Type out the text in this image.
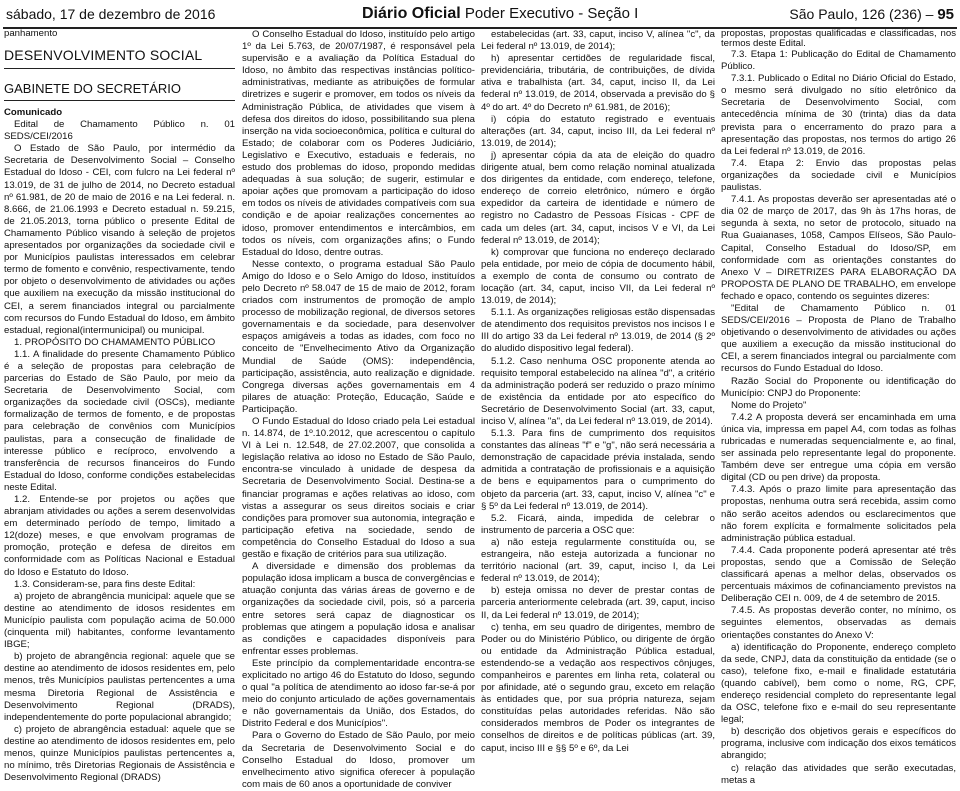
sábado, 17 de dezembro de 2016	Diário Oficial Poder Executivo - Seção I	São Paulo, 126 (236) – 95

panhamento

DESENVOLVIMENTO SOCIAL
GABINETE DO SECRETÁRIO

Comunicado

Edital de Chamamento Público n. 01 SEDS/CEI/2016

O Estado de São Paulo, por intermédio da Secretaria de Desenvolvimento Social – Conselho Estadual do Idoso - CEI, com fulcro na Lei federal nº 13.019, de 31 de julho de 2014, no Decreto estadual nº 61.981, de 20 de maio de 2016 e na Lei federal. n. 8.666, de 21.06.1993 e Decreto estadual n. 59.215, de 21.05.2013, torna público o presente Edital de Chamamento Público visando à seleção de projetos apresentados por organizações da sociedade civil e por Municípios paulistas interessados em celebrar termo de fomento e convênio, respectivamente, tendo por objeto o desenvolvimento de atividades ou ações que auxiliem na execução da missão institucional do CEI, a serem financiados integral ou parcialmente com recursos do Fundo Estadual do Idoso, em âmbito estadual, regional(intermunicipal) ou municipal.

1. PROPÓSITO DO CHAMAMENTO PÚBLICO

1.1. A finalidade do presente Chamamento Público é a seleção de propostas para celebração de parcerias do Estado de São Paulo, por meio da Secretaria de Desenvolvimento Social, com organizações da sociedade civil (OSCs), mediante formalização de termos de fomento, e de propostas para celebração de convênios com Municípios paulistas, para a consecução de finalidade de interesse público e recíproco, envolvendo a transferência de recursos financeiros do Fundo Estadual do Idoso, conforme condições estabelecidas neste Edital.

1.2. Entende-se por projetos ou ações que abranjam atividades ou ações a serem desenvolvidas em determinado período de tempo, limitado a 12(doze) meses, e que envolvam programas de promoção, proteção e defesa de direitos em conformidade com as Políticas Nacional e Estadual do Idoso e Estatuto do Idoso.

1.3. Consideram-se, para fins deste Edital:

a) projeto de abrangência municipal: aquele que se destine ao atendimento de idosos residentes em Município paulista com população acima de 50.000 (cinquenta mil) habitantes, conforme levantamento IBGE;

b) projeto de abrangência regional: aquele que se destine ao atendimento de idosos residentes em, pelo menos, três Municípios paulistas pertencentes a uma mesma Diretoria Regional de Assistência e Desenvolvimento Regional (DRADS), independentemente do porte populacional abrangido;

c) projeto de abrangência estadual: aquele que se destine ao atendimento de idosos residentes em, pelo menos, quinze Municípios paulistas pertencentes a, no mínimo, três Diretorias Regionais de Assistência e Desenvolvimento Regional (DRADS)

O Conselho Estadual do Idoso, instituído pelo artigo 1º da Lei 5.763, de 20/07/1987, é responsável pela supervisão e a avaliação da Política Estadual do Idoso, no âmbito das respectivas instâncias político-administrativas, mediante as atribuições de formular diretrizes e sugerir e promover, em todos os níveis da Administração Pública, de atividades que visem à defesa dos direitos do idoso, possibilitando sua plena inserção na vida socioeconômica, política e cultural do Estado; de colaborar com os Poderes Judiciário, Legislativo e Executivo, estaduais e federais, no estudo dos problemas do idoso, propondo medidas adequadas à sua solução; de sugerir, estimular e apoiar ações que promovam a participação do idoso em todos os níveis de atividades compatíveis com sua condição e de apoiar realizações concernentes ao idoso, promover entendimentos e intercâmbios, em todos os níveis, com organizações afins; o Fundo Estadual do Idoso, dentre outras.

Nesse contexto, o programa estadual São Paulo Amigo do Idoso e o Selo Amigo do Idoso, instituídos pelo Decreto nº 58.047 de 15 de maio de 2012, foram criados com instrumentos de promoção de amplo processo de mobilização regional, de diversos setores governamentais e da sociedade, para desenvolver espaços amigáveis a todas as idades, com foco no conceito de "Envelhecimento Ativo da Organização Mundial de Saúde (OMS): independência, participação, assistência, auto realização e dignidade. Congrega diversas ações governamentais em 4 pilares de atuação: Proteção, Educação, Saúde e Participação.

O Fundo Estadual do Idoso criado pela Lei estadual n. 14.874, de 1º.10.2012, que acrescentou o capítulo VI à Lei n. 12.548, de 27.02.2007, que consolida a legislação relativa ao idoso no Estado de São Paulo, encontra-se vinculado à unidade de despesa da Secretaria de Desenvolvimento Social. Destina-se a financiar programas e ações relativas ao idoso, com vistas a assegurar os seus direitos sociais e criar condições para promover sua autonomia, integração e participação efetiva na sociedade, sendo de competência do Conselho Estadual do Idoso a sua gestão e fixação de critérios para sua utilização.

A diversidade e dimensão dos problemas da população idosa implicam a busca de convergências e atuação conjunta das várias áreas de governo e de organizações da sociedade civil, pois, só a parceria entre setores será capaz de diagnosticar os problemas que atingem a população idosa e analisar as condições e capacidades disponíveis para enfrentar esses problemas.

Este princípio da complementaridade encontra-se explicitado no artigo 46 do Estatuto do Idoso, segundo o qual "a política de atendimento ao idoso far-se-á por meio do conjunto articulado de ações governamentais e não governamentais da União, dos Estados, do Distrito Federal e dos Municípios".

Para o Governo do Estado de São Paulo, por meio da Secretaria de Desenvolvimento Social e do Conselho Estadual do Idoso, promover um envelhecimento ativo significa oferecer à população com mais de 60 anos a oportunidade de conviver

estabelecidas (art. 33, caput, inciso V, alínea "c", da Lei federal nº 13.019, de 2014);

h) apresentar certidões de regularidade fiscal, previdenciária, tributária, de contribuições, de dívida ativa e trabalhista (art. 34, caput, inciso II, da Lei federal nº 13.019, de 2014, observada a previsão do § 4º do art. 4º do Decreto nº 61.981, de 2016);

i) cópia do estatuto registrado e eventuais alterações (art. 34, caput, inciso III, da Lei federal nº 13.019, de 2014);

j) apresentar cópia da ata de eleição do quadro dirigente atual, bem como relação nominal atualizada dos dirigentes da entidade, com endereço, telefone, endereço de correio eletrônico, número e órgão expedidor da carteira de identidade e número de registro no Cadastro de Pessoas Físicas - CPF de cada um deles (art. 34, caput, incisos V e VI, da Lei federal nº 13.019, de 2014);

k) comprovar que funciona no endereço declarado pela entidade, por meio de cópia de documento hábil, a exemplo de conta de consumo ou contrato de locação (art. 34, caput, inciso VII, da Lei federal nº 13.019, de 2014);

5.1.1. As organizações religiosas estão dispensadas de atendimento dos requisitos previstos nos incisos I e III do artigo 33 da Lei federal nº 13.019, de 2014 (§ 2º do aludido dispositivo legal federal).

5.1.2. Caso nenhuma OSC proponente atenda ao requisito temporal estabelecido na alínea "d", a critério da administração poderá ser reduzido o prazo mínimo de existência da entidade por ato específico do Secretário de Desenvolvimento Social (art. 33, caput, inciso V, alínea "a", da Lei federal nº 13.019, de 2014).

5.1.3. Para fins de cumprimento dos requisitos constantes das alíneas "f" e "g", não será necessária a demonstração de capacidade prévia instalada, sendo admitida a contratação de profissionais e a aquisição de bens e equipamentos para o cumprimento do objeto da parceria (art. 33, caput, inciso V, alínea "c" e § 5º da Lei federal nº 13.019, de 2014).

5.2. Ficará, ainda, impedida de celebrar o instrumento de parceria a OSC que:

a) não esteja regularmente constituída ou, se estrangeira, não esteja autorizada a funcionar no território nacional (art. 39, caput, inciso I, da Lei federal nº 13.019, de 2014);

b) esteja omissa no dever de prestar contas de parceria anteriormente celebrada (art. 39, caput, inciso II, da Lei federal nº 13.019, de 2014);

c) tenha, em seu quadro de dirigentes, membro de Poder ou do Ministério Público, ou dirigente de órgão ou entidade da Administração Pública estadual, estendendo-se a vedação aos respectivos cônjuges, companheiros e parentes em linha reta, colateral ou por afinidade, até o segundo grau, exceto em relação às entidades que, por sua própria natureza, sejam constituídas pelas autoridades referidas. Não são considerados membros de Poder os integrantes de conselhos de direitos e de políticas públicas (art. 39, caput, inciso III e §§ 5º e 6º, da Lei

propostas, propostas qualificadas e classificadas, nos termos deste Edital.

7.3. Etapa 1: Publicação do Edital de Chamamento Público.

7.3.1. Publicado o Edital no Diário Oficial do Estado, o mesmo será divulgado no sítio eletrônico da Secretaria de Desenvolvimento Social, com antecedência mínima de 30 (trinta) dias da data prevista para o encerramento do prazo para a apresentação das propostas, nos termos do artigo 26 da Lei federal nº 13.019, de 2016.

7.4. Etapa 2: Envio das propostas pelas organizações da sociedade civil e Municípios paulistas.

7.4.1. As propostas deverão ser apresentadas até o dia 02 de março de 2017, das 9h às 17hs horas, de segunda à sexta, no setor de protocolo, situado na Rua Guaianases, 1058, Campos Elíseos, São Paulo-Capital, Conselho Estadual do Idoso/SP, em conformidade com as orientações constantes do Anexo V – DIRETRIZES PARA ELABORAÇÃO DA PROPOSTA DE PLANO DE TRABALHO, em envelope fechado e opaco, contendo os seguintes dizeres:

"Edital de Chamamento Público n. 01 SEDS/CEI/2016 – Proposta de Plano de Trabalho objetivando o desenvolvimento de atividades ou ações que auxiliem a execução da missão institucional do CEI, a serem financiados integral ou parcialmente com recursos do Fundo Estadual do Idoso.

Razão Social do Proponente ou identificação do Município: CNPJ do Proponente:

Nome do Projeto"

7.4.2 A proposta deverá ser encaminhada em uma única via, impressa em papel A4, com todas as folhas rubricadas e numeradas sequencialmente e, ao final, ser assinada pelo representante legal do proponente. Também deve ser entregue uma cópia em versão digital (CD ou pen drive) da proposta.

7.4.3. Após o prazo limite para apresentação das propostas, nenhuma outra será recebida, assim como não serão aceitos adendos ou esclarecimentos que não forem explícita e formalmente solicitados pela administração pública estadual.

7.4.4. Cada proponente poderá apresentar até três propostas, sendo que a Comissão de Seleção classificará apenas a melhor delas, observados os percentuais máximos de cofinanciamento previstos na Deliberação CEI n. 009, de 4 de setembro de 2015.

7.4.5. As propostas deverão conter, no mínimo, os seguintes elementos, observadas as demais orientações constantes do Anexo V:

a) identificação do Proponente, endereço completo da sede, CNPJ, data da constituição da entidade (se o caso), telefone fixo, e-mail e finalidade estatutária (quando cabível), bem como o nome, RG, CPF, endereço residencial completo do representante legal da OSC, telefone fixo e e-mail do seu representante legal;

b) descrição dos objetivos gerais e específicos do programa, inclusive com indicação dos eixos temáticos abrangido;

c) relação das atividades que serão executadas, metas a
